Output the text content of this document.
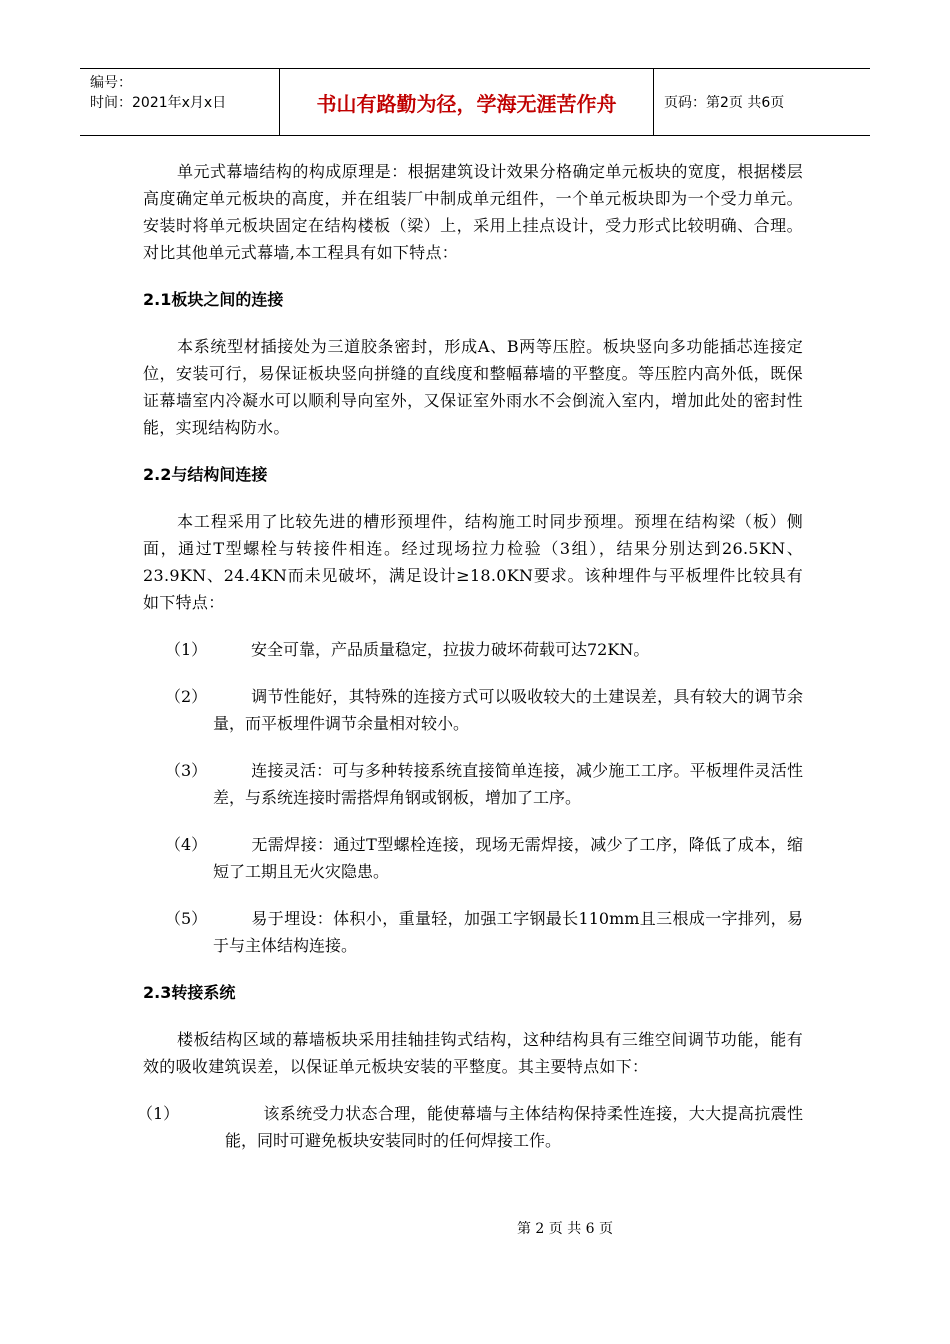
编号：
时间：2021年x月x日	书山有路勤为径，学海无涯苦作舟	页码：第2页 共6页

单元式幕墙结构的构成原理是：根据建筑设计效果分格确定单元板块的宽度，根据楼层高度确定单元板块的高度，并在组装厂中制成单元组件，一个单元板块即为一个受力单元。安装时将单元板块固定在结构楼板（梁）上，采用上挂点设计，受力形式比较明确、合理。对比其他单元式幕墙,本工程具有如下特点：

2.1板块之间的连接

本系统型材插接处为三道胶条密封，形成A、B两等压腔。板块竖向多功能插芯连接定位，安装可行，易保证板块竖向拼缝的直线度和整幅幕墙的平整度。等压腔内高外低，既保证幕墙室内冷凝水可以顺利导向室外，又保证室外雨水不会倒流入室内，增加此处的密封性能，实现结构防水。

2.2与结构间连接

本工程采用了比较先进的槽形预埋件，结构施工时同步预埋。预埋在结构梁（板）侧面，通过T型螺栓与转接件相连。经过现场拉力检验（3组），结果分别达到26.5KN、23.9KN、24.4KN而未见破坏，满足设计≥18.0KN要求。该种埋件与平板埋件比较具有如下特点：

（1）	安全可靠，产品质量稳定，拉拔力破坏荷载可达72KN。
（2）	调节性能好，其特殊的连接方式可以吸收较大的土建误差，具有较大的调节余量，而平板埋件调节余量相对较小。
（3）	连接灵活：可与多种转接系统直接简单连接，减少施工工序。平板埋件灵活性差，与系统连接时需搭焊角钢或钢板，增加了工序。
（4）	无需焊接：通过T型螺栓连接，现场无需焊接，减少了工序，降低了成本，缩短了工期且无火灾隐患。
（5）	易于埋设：体积小，重量轻，加强工字钢最长110mm且三根成一字排列，易于与主体结构连接。
2.3转接系统

楼板结构区域的幕墙板块采用挂轴挂钩式结构，这种结构具有三维空间调节功能，能有效的吸收建筑误差，以保证单元板块安装的平整度。其主要特点如下：

（1）	该系统受力状态合理，能使幕墙与主体结构保持柔性连接，大大提高抗震性能，同时可避免板块安装同时的任何焊接工作。
第 2 页 共 6 页
